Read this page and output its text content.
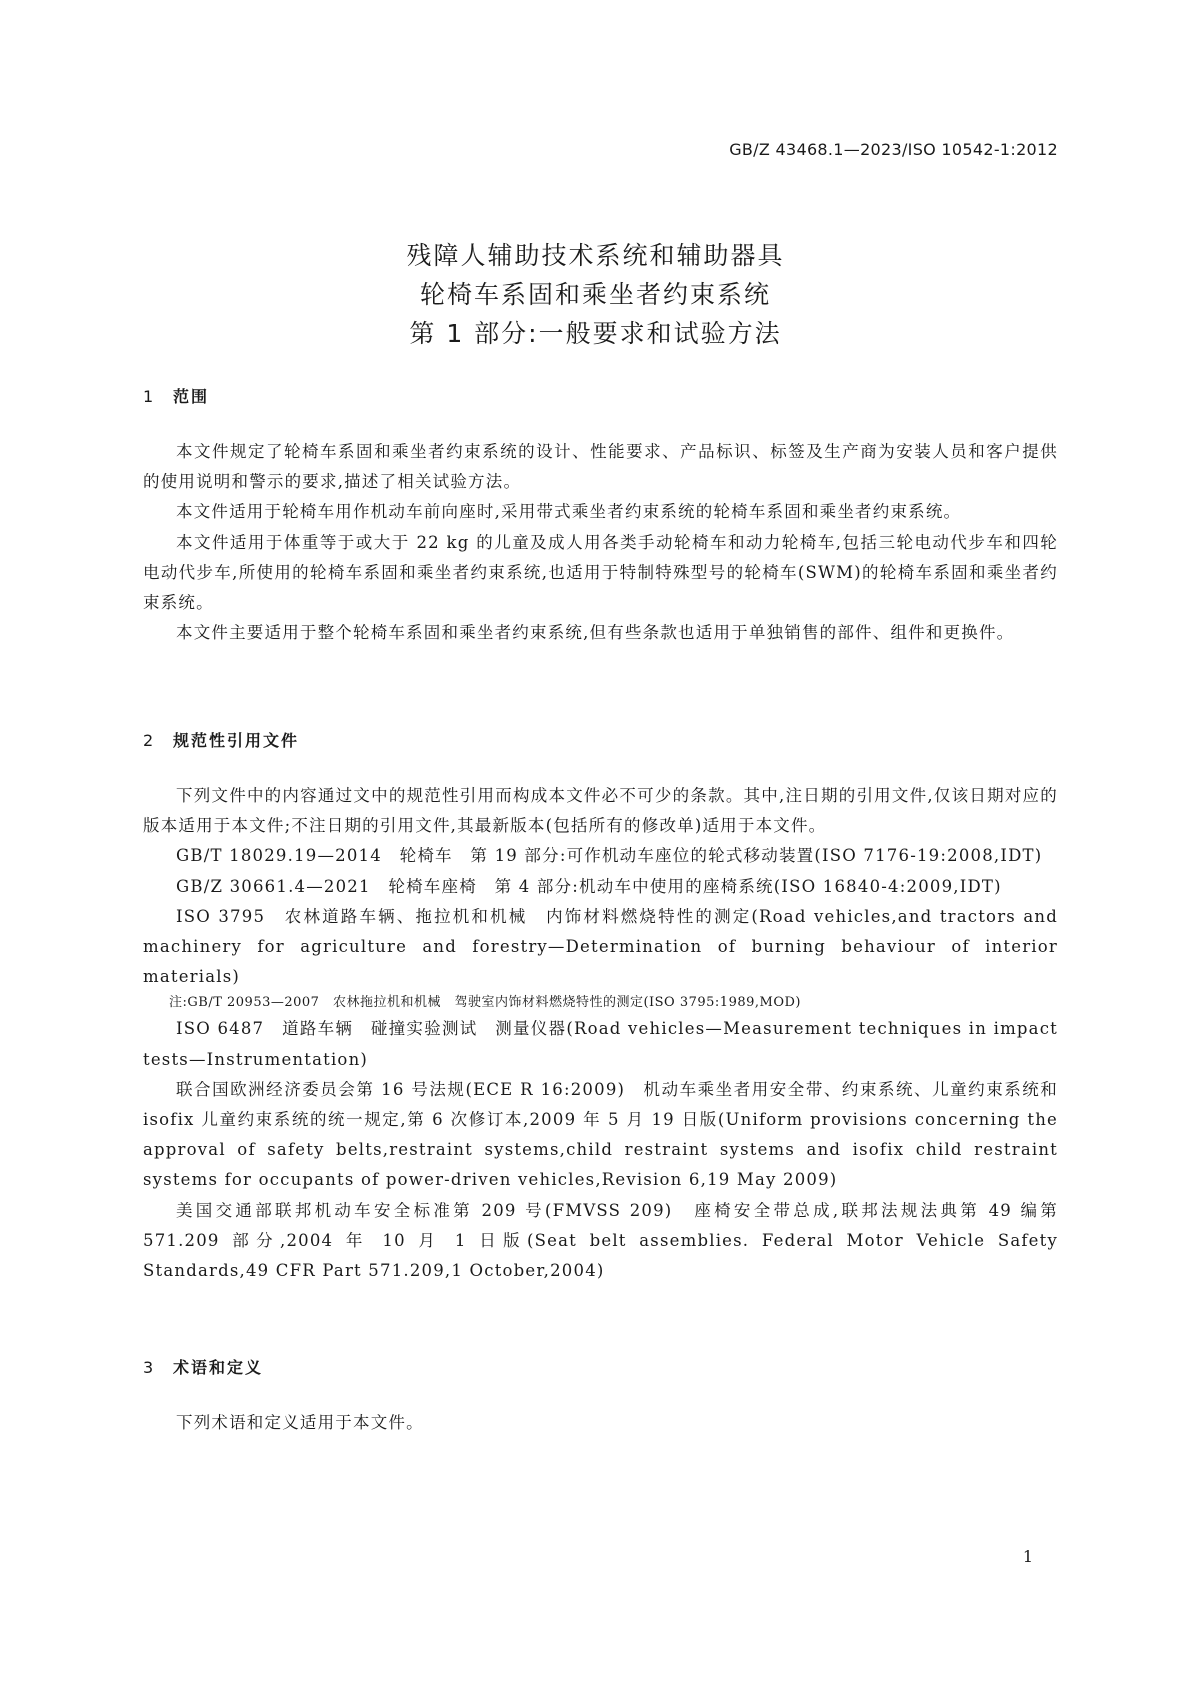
GB/Z 43468.1—2023/ISO 10542-1:2012
残障人辅助技术系统和辅助器具
轮椅车系固和乘坐者约束系统
第 1 部分:一般要求和试验方法
1 范围

本文件规定了轮椅车系固和乘坐者约束系统的设计、性能要求、产品标识、标签及生产商为安装人员和客户提供的使用说明和警示的要求,描述了相关试验方法。

本文件适用于轮椅车用作机动车前向座时,采用带式乘坐者约束系统的轮椅车系固和乘坐者约束系统。

本文件适用于体重等于或大于 22 kg 的儿童及成人用各类手动轮椅车和动力轮椅车,包括三轮电动代步车和四轮电动代步车,所使用的轮椅车系固和乘坐者约束系统,也适用于特制特殊型号的轮椅车(SWM)的轮椅车系固和乘坐者约束系统。

本文件主要适用于整个轮椅车系固和乘坐者约束系统,但有些条款也适用于单独销售的部件、组件和更换件。

2 规范性引用文件

下列文件中的内容通过文中的规范性引用而构成本文件必不可少的条款。其中,注日期的引用文件,仅该日期对应的版本适用于本文件;不注日期的引用文件,其最新版本(包括所有的修改单)适用于本文件。

GB/T 18029.19—2014　轮椅车　第 19 部分:可作机动车座位的轮式移动装置(ISO 7176-19:2008,IDT)

GB/Z 30661.4—2021　轮椅车座椅　第 4 部分:机动车中使用的座椅系统(ISO 16840-4:2009,IDT)

ISO 3795　农林道路车辆、拖拉机和机械　内饰材料燃烧特性的测定(Road vehicles,and tractors and machinery for agriculture and forestry—Determination of burning behaviour of interior materials)

注:GB/T 20953—2007　农林拖拉机和机械　驾驶室内饰材料燃烧特性的测定(ISO 3795:1989,MOD)

ISO 6487　道路车辆　碰撞实验测试　测量仪器(Road vehicles—Measurement techniques in impact tests—Instrumentation)

联合国欧洲经济委员会第 16 号法规(ECE R 16:2009)　机动车乘坐者用安全带、约束系统、儿童约束系统和 isofix 儿童约束系统的统一规定,第 6 次修订本,2009 年 5 月 19 日版(Uniform provisions concerning the approval of safety belts,restraint systems,child restraint systems and isofix child restraint systems for occupants of power-driven vehicles,Revision 6,19 May 2009)

美国交通部联邦机动车安全标准第 209 号(FMVSS 209)　座椅安全带总成,联邦法规法典第 49 编第 571.209 部分,2004 年 10 月 1 日版(Seat belt assemblies. Federal Motor Vehicle Safety Standards,49 CFR Part 571.209,1 October,2004)

3 术语和定义

下列术语和定义适用于本文件。

1
